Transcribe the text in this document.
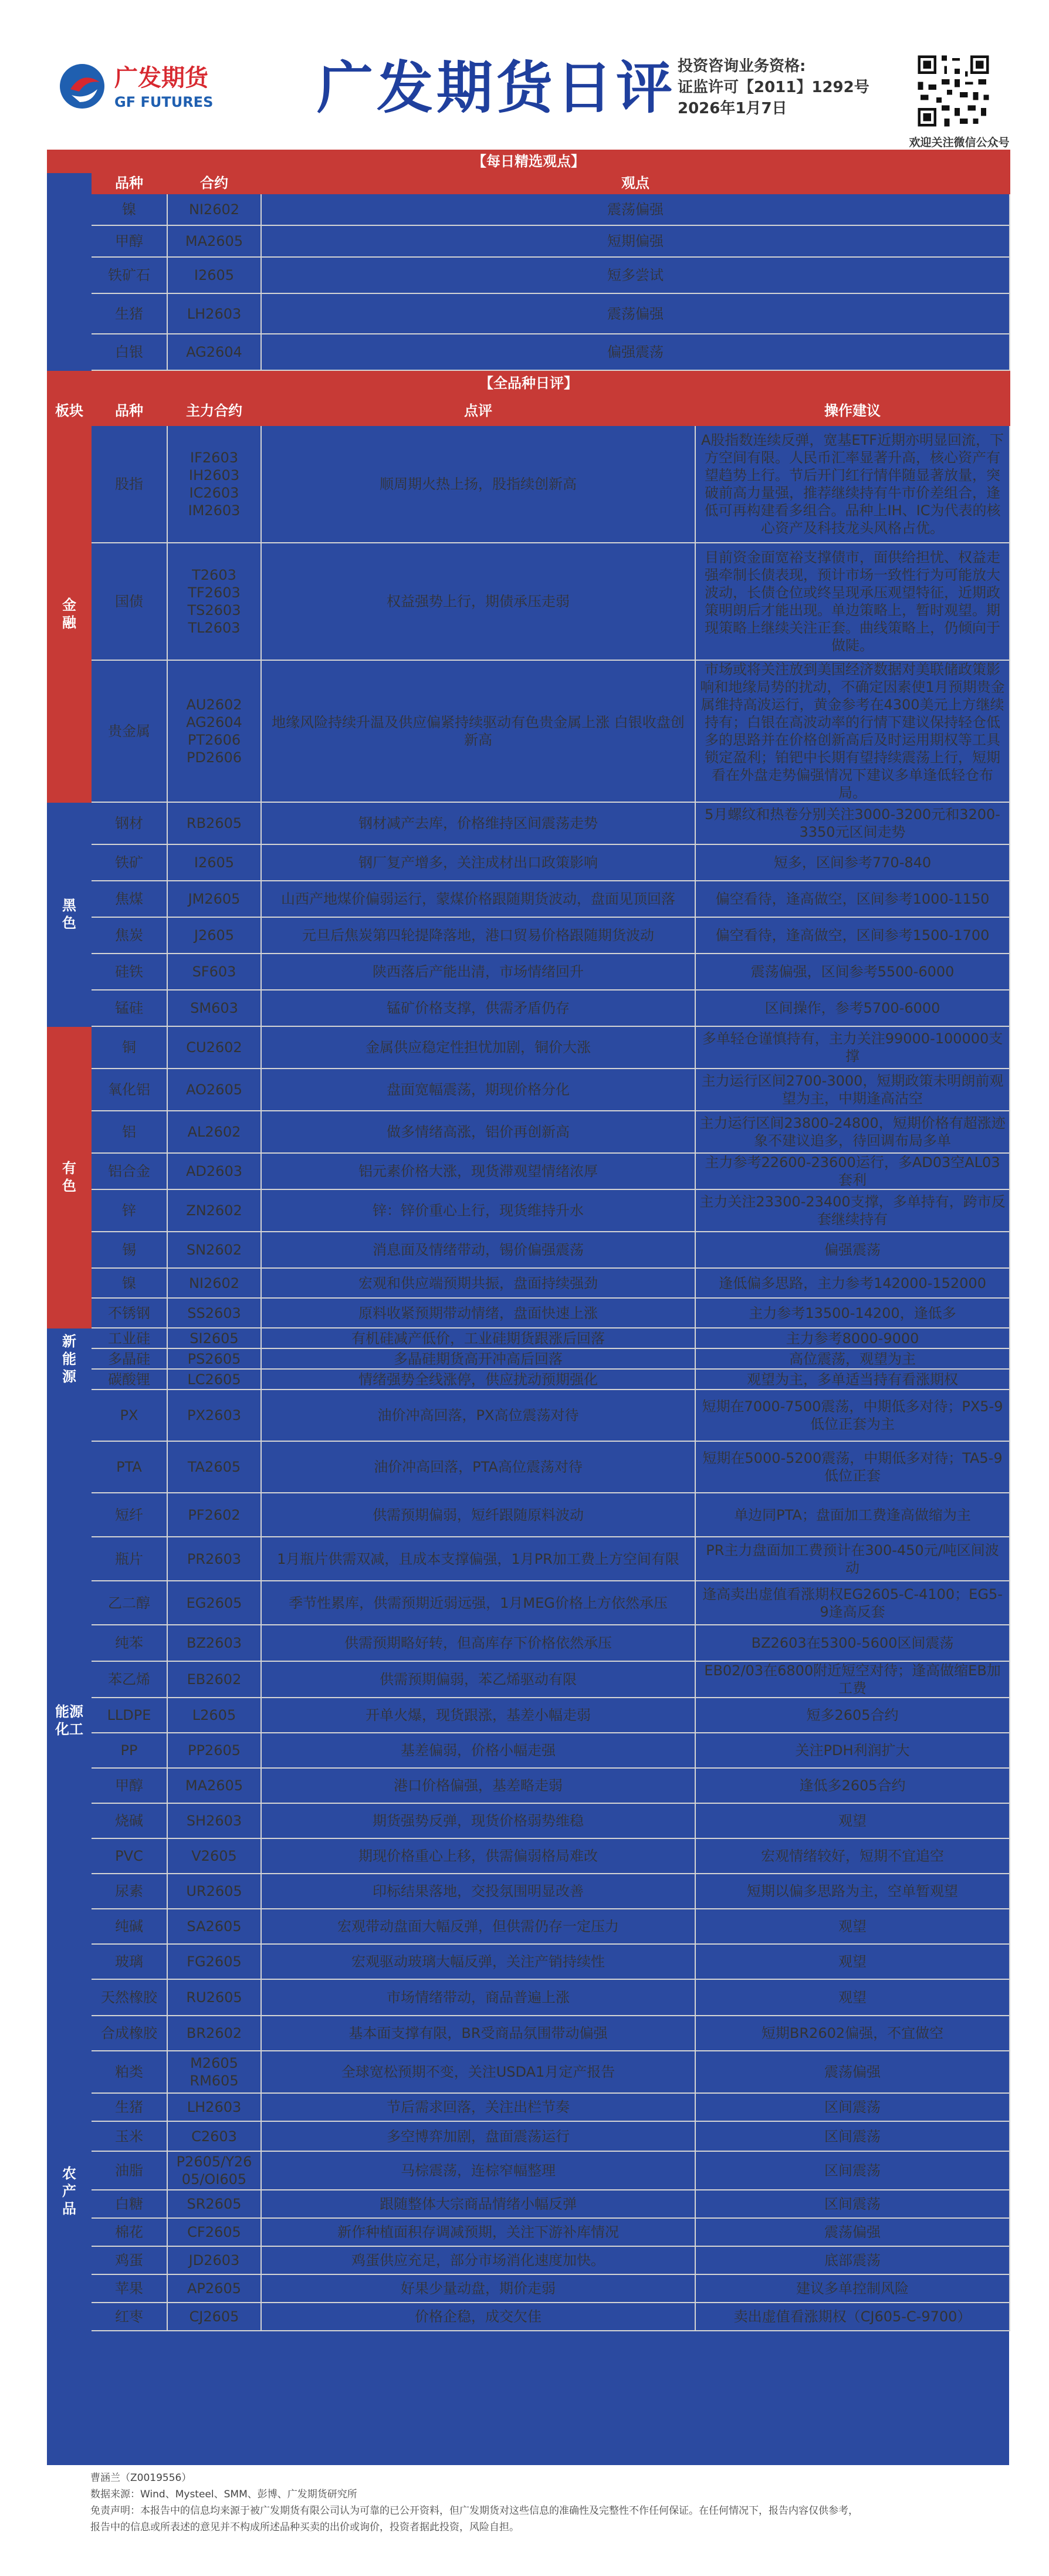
广发期货
GF FUTURES 广发期货日评 投资咨询业务资格:
证监许可【2011】1292号
2026年1月7日
欢迎关注微信公众号
【每日精选观点】				
	品种	合约	观点	
	镍	NI2602	震荡偏强	
	甲醇	MA2605	短期偏强	
	铁矿石	I2605	短多尝试	
	生猪	LH2603	震荡偏强	
	白银	AG2604	偏强震荡	
【全品种日评】				
板块	品种	主力合约	点评	操作建议
金
融	股指	IF2603
IH2603
IC2603
IM2603	顺周期火热上扬，股指续创新高	A股指数连续反弹，宽基ETF近期亦明显回流，下方空间有限。人民币汇率显著升高，核心资产有望趋势上行。节后开门红行情伴随显著放量，突破前高力量强，推荐继续持有牛市价差组合，逢低可再构建看多组合。品种上IH、IC为代表的核心资产及科技龙头风格占优。
	国债	T2603
TF2603
TS2603
TL2603	权益强势上行，期债承压走弱	目前资金面宽裕支撑债市，面供给担忧、权益走强牵制长债表现，预计市场一致性行为可能放大波动，长债仓位或终呈现承压观望特征，近期政策明朗后才能出现。单边策略上，暂时观望。期现策略上继续关注正套。曲线策略上，仍倾向于做陡。
	贵金属	AU2602
AG2604
PT2606
PD2606	地缘风险持续升温及供应偏紧持续驱动有色贵金属上涨 白银收盘创新高	市场或将关注放到美国经济数据对美联储政策影响和地缘局势的扰动，不确定因素使1月预期贵金属维持高波运行，黄金参考在4300美元上方继续持有；白银在高波动率的行情下建议保持轻仓低多的思路并在价格创新高后及时运用期权等工具锁定盈利；铂钯中长期有望持续震荡上行，短期看在外盘走势偏强情况下建议多单逢低轻仓布局。
黑
色	钢材	RB2605	钢材减产去库，价格维持区间震荡走势	5月螺纹和热卷分别关注3000-3200元和3200-3350元区间走势
	铁矿	I2605	钢厂复产增多，关注成材出口政策影响	短多，区间参考770-840
	焦煤	JM2605	山西产地煤价偏弱运行，蒙煤价格跟随期货波动，盘面见顶回落	偏空看待，逢高做空，区间参考1000-1150
	焦炭	J2605	元旦后焦炭第四轮提降落地，港口贸易价格跟随期货波动	偏空看待，逢高做空，区间参考1500-1700
	硅铁	SF603	陕西落后产能出清，市场情绪回升	震荡偏强，区间参考5500-6000
	锰硅	SM603	锰矿价格支撑，供需矛盾仍存	区间操作，参考5700-6000
有
色	铜	CU2602	金属供应稳定性担忧加剧，铜价大涨	多单轻仓谨慎持有，主力关注99000-100000支撑
	氧化铝	AO2605	盘面宽幅震荡，期现价格分化	主力运行区间2700-3000，短期政策未明朗前观望为主，中期逢高沽空
	铝	AL2602	做多情绪高涨，铝价再创新高	主力运行区间23800-24800，短期价格有超涨迹象不建议追多，待回调布局多单
	铝合金	AD2603	铝元素价格大涨，现货滞观望情绪浓厚	主力参考22600-23600运行，多AD03空AL03套利
	锌	ZN2602	锌：锌价重心上行，现货维持升水	主力关注23300-23400支撑，多单持有，跨市反套继续持有
	锡	SN2602	消息面及情绪带动，锡价偏强震荡	偏强震荡
	镍	NI2602	宏观和供应端预期共振，盘面持续强劲	逢低偏多思路，主力参考142000-152000
	不锈钢	SS2603	原料收紧预期带动情绪，盘面快速上涨	主力参考13500-14200，逢低多
新
能
源	工业硅	SI2605	有机硅减产低价，工业硅期货跟涨后回落	主力参考8000-9000
	多晶硅	PS2605	多晶硅期货高开冲高后回落	高位震荡，观望为主
	碳酸锂	LC2605	情绪强势全线涨停，供应扰动预期强化	观望为主，多单适当持有看涨期权
能源
化工	PX	PX2603	油价冲高回落，PX高位震荡对待	短期在7000-7500震荡，中期低多对待；PX5-9低位正套为主
	PTA	TA2605	油价冲高回落，PTA高位震荡对待	短期在5000-5200震荡，中期低多对待；TA5-9低位正套
	短纤	PF2602	供需预期偏弱，短纤跟随原料波动	单边同PTA；盘面加工费逢高做缩为主
	瓶片	PR2603	1月瓶片供需双减，且成本支撑偏强，1月PR加工费上方空间有限	PR主力盘面加工费预计在300-450元/吨区间波动
	乙二醇	EG2605	季节性累库，供需预期近弱远强，1月MEG价格上方依然承压	逢高卖出虚值看涨期权EG2605-C-4100；EG5-9逢高反套
	纯苯	BZ2603	供需预期略好转，但高库存下价格依然承压	BZ2603在5300-5600区间震荡
	苯乙烯	EB2602	供需预期偏弱，苯乙烯驱动有限	EB02/03在6800附近短空对待；逢高做缩EB加工费
	LLDPE	L2605	开单火爆，现货跟涨，基差小幅走弱	短多2605合约
	PP	PP2605	基差偏弱，价格小幅走强	关注PDH利润扩大
	甲醇	MA2605	港口价格偏强，基差略走弱	逢低多2605合约
	烧碱	SH2603	期货强势反弹，现货价格弱势维稳	观望
	PVC	V2605	期现价格重心上移，供需偏弱格局难改	宏观情绪较好，短期不宜追空
	尿素	UR2605	印标结果落地，交投氛围明显改善	短期以偏多思路为主，空单暂观望
	纯碱	SA2605	宏观带动盘面大幅反弹，但供需仍存一定压力	观望
	玻璃	FG2605	宏观驱动玻璃大幅反弹，关注产销持续性	观望
	天然橡胶	RU2605	市场情绪带动，商品普遍上涨	观望
	合成橡胶	BR2602	基本面支撑有限，BR受商品氛围带动偏强	短期BR2602偏强，不宜做空
农
产
品	粕类	M2605
RM605	全球宽松预期不变，关注USDA1月定产报告	震荡偏强
	生猪	LH2603	节后需求回落，关注出栏节奏	区间震荡
	玉米	C2603	多空博弈加剧，盘面震荡运行	区间震荡
	油脂	P2605/Y26
05/OI605	马棕震荡，连棕窄幅整理	区间震荡
	白糖	SR2605	跟随整体大宗商品情绪小幅反弹	区间震荡
	棉花	CF2605	新作种植面积存调减预期，关注下游补库情况	震荡偏强
	鸡蛋	JD2603	鸡蛋供应充足，部分市场消化速度加快。	底部震荡
	苹果	AP2605	好果少量动盘，期价走弱	建议多单控制风险
	红枣	CJ2605	价格企稳，成交欠佳	卖出虚值看涨期权（CJ605-C-9700）
曹涵兰（Z0019556）
数据来源：Wind、Mysteel、SMM、彭博、广发期货研究所
免责声明：本报告中的信息均来源于被广发期货有限公司认为可靠的已公开资料，但广发期货对这些信息的准确性及完整性不作任何保证。在任何情况下，报告内容仅供参考，
报告中的信息或所表述的意见并不构成所述品种买卖的出价或询价，投资者据此投资，风险自担。
